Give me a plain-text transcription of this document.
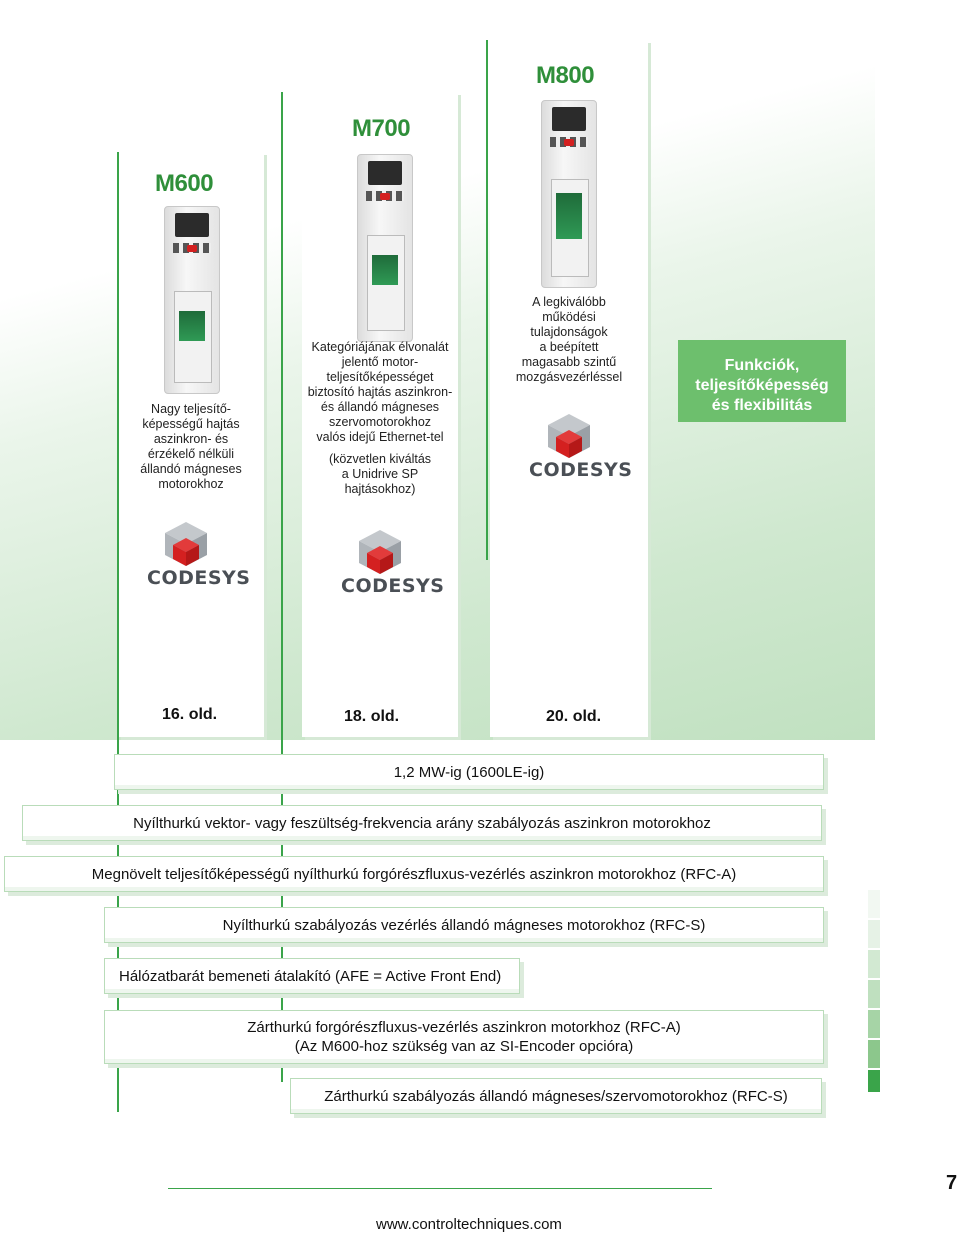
M600
M700
M800
Nagy teljesítő-
képességű hajtás
aszinkron- és
érzékelő nélküli
állandó mágneses
motorokhoz
Kategóriájának élvonalát
jelentő motor-
teljesítőképességet
biztosító hajtás aszinkron-
és állandó mágneses
szervomotorokhoz
valós idejű Ethernet-tel
(közvetlen kiváltás
a Unidrive SP
hajtásokhoz)
A legkiválóbb
működési
tulajdonságok
a beépített
magasabb szintű
mozgásvezérléssel
CODESYS
CODESYS	CODESYS
Funkciók,
teljesítőképesség
és flexibilitás
16. old.	18. old.	20. old.
1,2 MW-ig (1600LE-ig)
Nyílthurkú vektor- vagy feszültség-frekvencia arány szabályozás aszinkron motorokhoz
Megnövelt teljesítőképességű nyílthurkú forgórészfluxus-vezérlés aszinkron motorokhoz (RFC-A)
Nyílthurkú szabályozás vezérlés állandó mágneses motorokhoz (RFC-S)
Hálózatbarát bemeneti átalakító (AFE = Active Front End)
Zárthurkú forgórészfluxus-vezérlés aszinkron motorkhoz (RFC-A)
(Az M600-hoz szükség van az SI-Encoder opcióra)
Zárthurkú szabályozás állandó mágneses/szervomotorokhoz (RFC-S)
7
www.controltechniques.com
